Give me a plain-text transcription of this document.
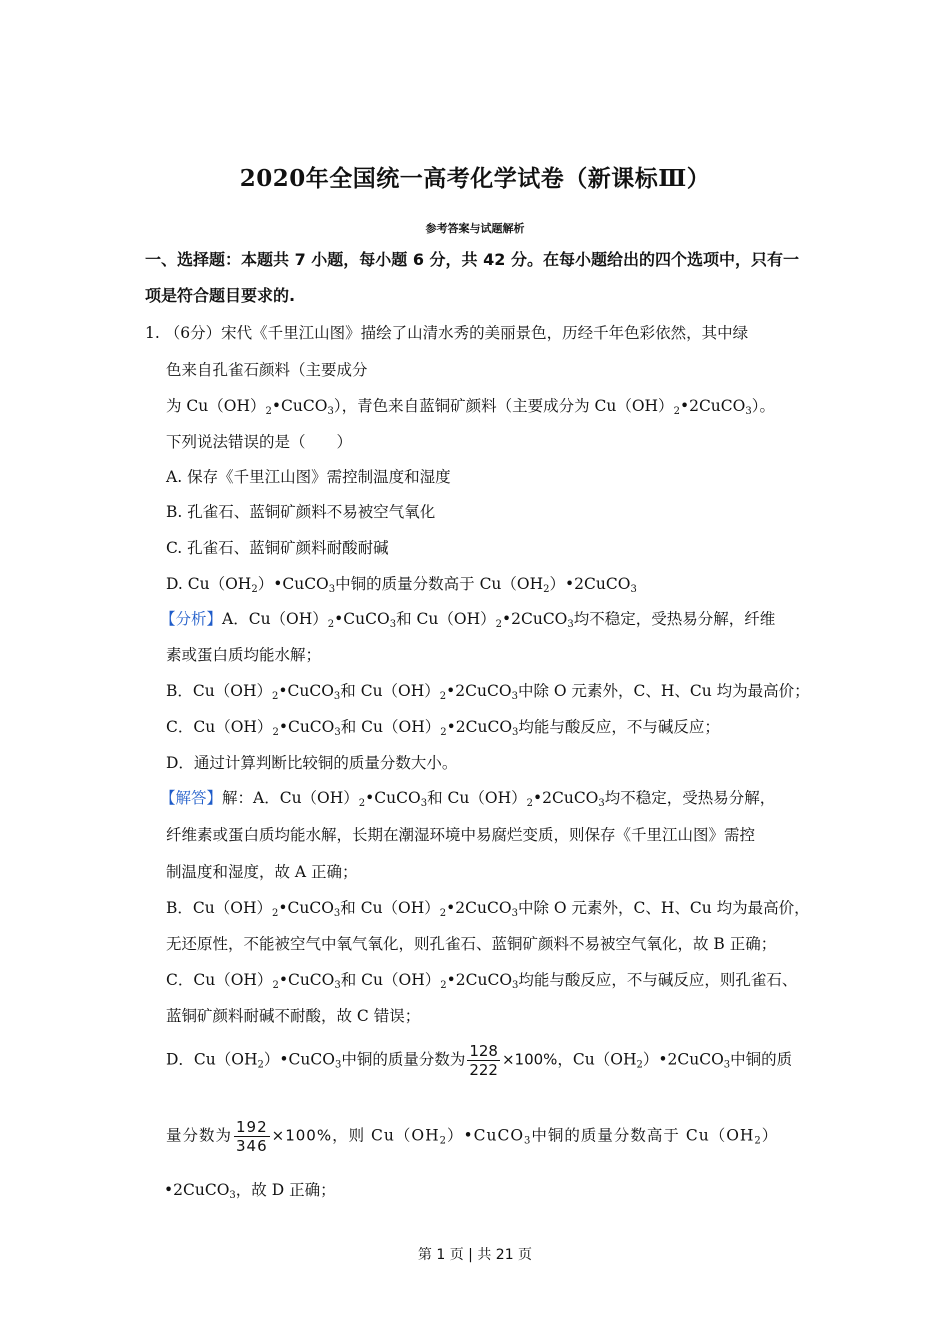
2020年全国统一高考化学试卷（新课标Ⅲ）
参考答案与试题解析
一、选择题：本题共 7 小题，每小题 6 分，共 42 分。在每小题给出的四个选项中，只有一
项是符合题目要求的.
1. （6分）宋代《千里江山图》描绘了山清水秀的美丽景色，历经千年色彩依然，其中绿
色来自孔雀石颜料（主要成分
为 $Cu(OH)_2•CuCO_3$），青色来自蓝铜矿颜料（主要成分为 $Cu(OH)_2•2CuCO_3$）。
下列说法错误的是（　　）
A. 保存《千里江山图》需控制温度和湿度
B. 孔雀石、蓝铜矿颜料不易被空气氧化
C. 孔雀石、蓝铜矿颜料耐酸耐碱
D. $Cu(OH_2)•CuCO_3$中铜的质量分数高于 $Cu(OH_2)•2CuCO_3$
【分析】A．$Cu(OH)_2•CuCO_3$和 $Cu(OH)_2•2CuCO_3$均不稳定，受热易分解，纤维
素或蛋白质均能水解；
B．$Cu(OH)_2•CuCO_3$和 $Cu(OH)_2•2CuCO_3$中除 O 元素外，C、H、Cu 均为最高价；
C．$Cu(OH)_2•CuCO_3$和 $Cu(OH)_2•2CuCO_3$均能与酸反应，不与碱反应；
D．通过计算判断比较铜的质量分数大小。
【解答】解：A．$Cu(OH)_2•CuCO_3$和 $Cu(OH)_2•2CuCO_3$均不稳定，受热易分解，
纤维素或蛋白质均能水解，长期在潮湿环境中易腐烂变质，则保存《千里江山图》需控
制温度和湿度，故 A 正确；
B．$Cu(OH)_2•CuCO_3$和 $Cu(OH)_2•2CuCO_3$中除 O 元素外，C、H、Cu 均为最高价，
无还原性，不能被空气中氧气氧化，则孔雀石、蓝铜矿颜料不易被空气氧化，故 B 正确；
C．$Cu(OH)_2•CuCO_3$和 $Cu(OH)_2•2CuCO_3$均能与酸反应，不与碱反应，则孔雀石、
蓝铜矿颜料耐碱不耐酸，故 C 错误；
D．$Cu(OH_2)•CuCO_3$中铜的质量分数为 $\frac{128}{222} \times 100\%$，$Cu(OH_2)•2CuCO_3$中铜的质
量分数为 $\frac{192}{346} \times 100\%$，则 $Cu(OH_2)•CuCO_3$中铜的质量分数高于 $Cu(OH_2)$
•2CuCO$_3$，故 D 正确；
第 1 页 | 共 21 页
